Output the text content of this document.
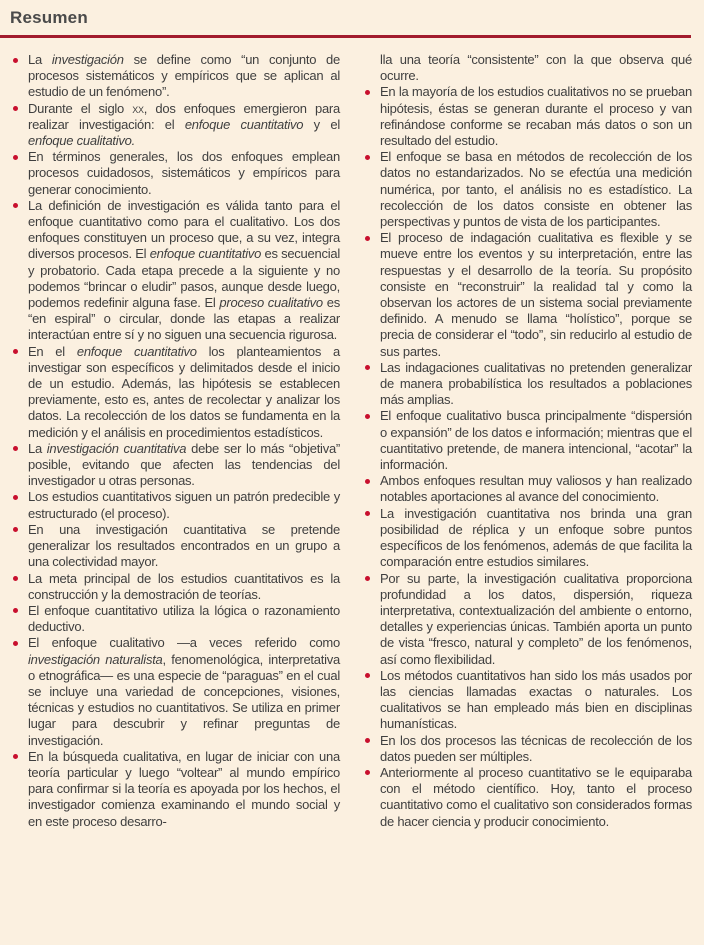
Resumen
La investigación se define como “un conjunto de procesos sistemáticos y empíricos que se aplican al estudio de un fenómeno”.
Durante el siglo xx, dos enfoques emergieron para realizar investigación: el enfoque cuantitativo y el enfoque cualitativo.
En términos generales, los dos enfoques emplean procesos cuidadosos, sistemáticos y empíricos para generar conocimiento.
La definición de investigación es válida tanto para el enfoque cuantitativo como para el cualitativo. Los dos enfoques constituyen un proceso que, a su vez, integra diversos procesos. El enfoque cuantitativo es secuencial y probatorio. Cada etapa precede a la siguiente y no podemos “brincar o eludir” pasos, aunque desde luego, podemos redefinir alguna fase. El proceso cualitativo es “en espiral” o circular, donde las etapas a realizar interactúan entre sí y no siguen una secuencia rigurosa.
En el enfoque cuantitativo los planteamientos a investigar son específicos y delimitados desde el inicio de un estudio. Además, las hipótesis se establecen previamente, esto es, antes de recolectar y analizar los datos. La recolección de los datos se fundamenta en la medición y el análisis en procedimientos estadísticos.
La investigación cuantitativa debe ser lo más “objetiva” posible, evitando que afecten las tendencias del investigador u otras personas.
Los estudios cuantitativos siguen un patrón predecible y estructurado (el proceso).
En una investigación cuantitativa se pretende generalizar los resultados encontrados en un grupo a una colectividad mayor.
La meta principal de los estudios cuantitativos es la construcción y la demostración de teorías.
El enfoque cuantitativo utiliza la lógica o razonamiento deductivo.
El enfoque cualitativo —a veces referido como investigación naturalista, fenomenológica, interpretativa o etnográfica— es una especie de “paraguas” en el cual se incluye una variedad de concepciones, visiones, técnicas y estudios no cuantitativos. Se utiliza en primer lugar para descubrir y refinar preguntas de investigación.
En la búsqueda cualitativa, en lugar de iniciar con una teoría particular y luego “voltear” al mundo empírico para confirmar si la teoría es apoyada por los hechos, el investigador comienza examinando el mundo social y en este proceso desarro-
lla una teoría “consistente” con la que observa qué ocurre.
En la mayoría de los estudios cualitativos no se prueban hipótesis, éstas se generan durante el proceso y van refinándose conforme se recaban más datos o son un resultado del estudio.
El enfoque se basa en métodos de recolección de los datos no estandarizados. No se efectúa una medición numérica, por tanto, el análisis no es estadístico. La recolección de los datos consiste en obtener las perspectivas y puntos de vista de los participantes.
El proceso de indagación cualitativa es flexible y se mueve entre los eventos y su interpretación, entre las respuestas y el desarrollo de la teoría. Su propósito consiste en “reconstruir” la realidad tal y como la observan los actores de un sistema social previamente definido. A menudo se llama “holístico”, porque se precia de considerar el “todo”, sin reducirlo al estudio de sus partes.
Las indagaciones cualitativas no pretenden generalizar de manera probabilística los resultados a poblaciones más amplias.
El enfoque cualitativo busca principalmente “dispersión o expansión” de los datos e información; mientras que el cuantitativo pretende, de manera intencional, “acotar” la información.
Ambos enfoques resultan muy valiosos y han realizado notables aportaciones al avance del conocimiento.
La investigación cuantitativa nos brinda una gran posibilidad de réplica y un enfoque sobre puntos específicos de los fenómenos, además de que facilita la comparación entre estudios similares.
Por su parte, la investigación cualitativa proporciona profundidad a los datos, dispersión, riqueza interpretativa, contextualización del ambiente o entorno, detalles y experiencias únicas. También aporta un punto de vista “fresco, natural y completo” de los fenómenos, así como flexibilidad.
Los métodos cuantitativos han sido los más usados por las ciencias llamadas exactas o naturales. Los cualitativos se han empleado más bien en disciplinas humanísticas.
En los dos procesos las técnicas de recolección de los datos pueden ser múltiples.
Anteriormente al proceso cuantitativo se le equiparaba con el método científico. Hoy, tanto el proceso cuantitativo como el cualitativo son considerados formas de hacer ciencia y producir conocimiento.
